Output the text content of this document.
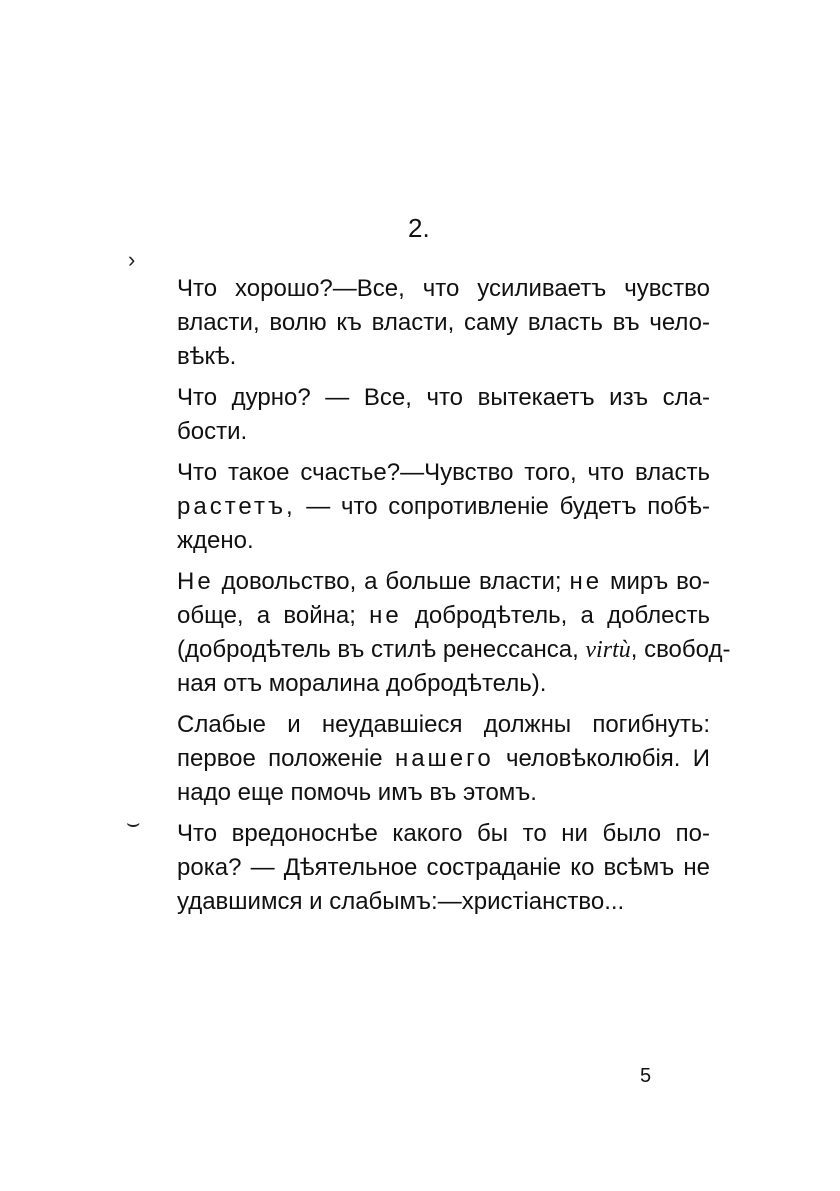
2.
›

Что хорошо?—Все, что усиливаетъ чувство
власти, волю къ власти, саму власть въ чело-
вѣкѣ.

Что дурно? — Все, что вытекаетъ изъ сла-
бости.

Что такое счастье?—Чувство того, что власть
растетъ, — что сопротивленіе будетъ побѣ-
ждено.

Не довольство, а больше власти; не миръ во-
обще, а война; не добродѣтель, а доблесть
(добродѣтель въ стилѣ ренессанса, virtù, свобод-
ная отъ моралина добродѣтель).

Слабые и неудавшіеся должны погибнуть:
первое положеніе нашего человѣколюбія. И
надо еще помочь имъ въ этомъ.

Что вредоноснѣе какого бы то ни было по-
рока? — Дѣятельное состраданіе ко всѣмъ не
удавшимся и слабымъ:—христіанство...

⌣
5
